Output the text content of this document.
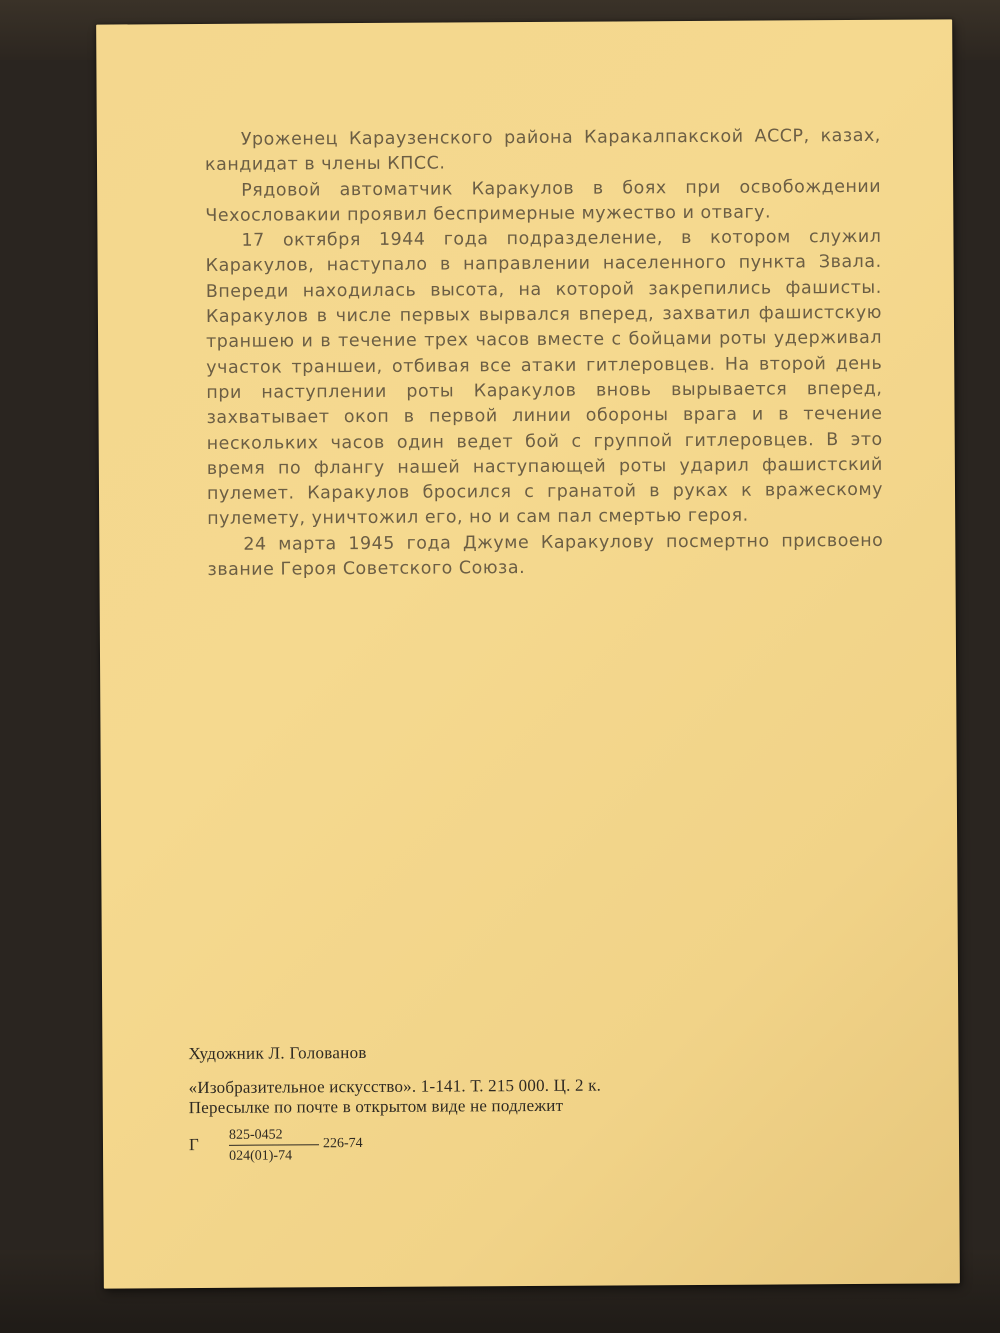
Уроженец Караузенского района Каракалпакской АССР, казах, кандидат в члены КПСС.

Рядовой автоматчик Каракулов в боях при освобождении Чехословакии проявил беспримерные мужество и отвагу.

17 октября 1944 года подразделение, в котором служил Каракулов, наступало в направлении населенного пункта Звала. Впереди находилась высота, на которой закрепились фашисты. Каракулов в числе первых вырвался вперед, захватил фашистскую траншею и в течение трех часов вместе с бойцами роты удерживал участок траншеи, отбивая все атаки гитлеровцев. На второй день при наступлении роты Каракулов вновь вырывается вперед, захватывает окоп в первой линии обороны врага и в течение нескольких часов один ведет бой с группой гитлеровцев. В это время по флангу нашей наступающей роты ударил фашистский пулемет. Каракулов бросился с гранатой в руках к вражескому пулемету, уничтожил его, но и сам пал смертью героя.

24 марта 1945 года Джуме Каракулову посмертно присвоено звание Героя Советского Союза.

Художник Л. Голованов
«Изобразительное искусство». 1-141. Т. 215 000. Ц. 2 к.
Пересылке по почте в открытом виде не подлежит
Г 825-0452
024(01)-74
226-74
